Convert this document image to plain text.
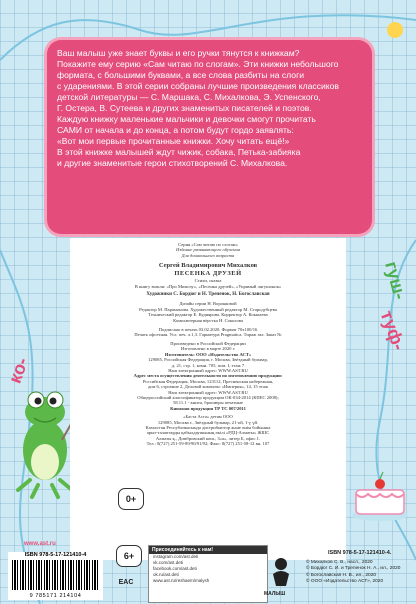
Ваш малыш уже знает буквы и его ручки тянутся к книжкам?
Покажите ему серию «Сам читаю по слогам». Эти книжки небольшого
формата, с большими буквами, а все слова разбиты на слоги
с ударениями. В этой серии собраны лучшие произведения классиков
детской литературы — С. Маршака, С. Михалкова, Э. Успенского,
Г. Остера, В. Сутеева и других знаменитых писателей и поэтов.
Каждую книжку маленькие мальчики и девочки смогут прочитать
САМИ от начала и до конца, а потом будут гордо заявлять:
«Вот мои первые прочитанные книжки. Хочу читать ещё!»
В этой книжке малышей ждут чижик, собака, Петька-забияка
и другие знаменитые герои стихотворений С. Михалкова.

ко-
гуш-
туф-
Серия «Сам читаю по слогам»
Издание развивающего обучения
Для дошкольного возраста
Сергей Владимирович Михалков
ПЕСЕНКА ДРУЗЕЙ
Стихи, сказка
В книгу вошли: «Про Мимозу», «Песенка друзей», «Упрямый лягушонок»
Художники С. Бордюг и Н. Трепенок, Н. Богославская
Дизайн серии Н. Воронковой
Редактор М. Парамонова. Художественный редактор М. Стародубцева
Технический редактор Е. Кудиярова. Корректор А. Кокшаева
Компьютерная вёрстка Н. Соколова
Подписано в печать 03.02.2020. Формат 70x100/16
Печать офсетная. Усл. печ. л.1,3. Гарнитура Pragmatica. Тираж экз. Заказ №
Произведено в Российской Федерации
Изготовлено в марте 2020 г.
Изготовитель: ООО «Издательство АСТ»
129085, Российская Федерация, г. Москва, Звёздный бульвар,
д. 21, стр. 1, комн. 705, пом. I, этаж 7
Наш электронный адрес: WWW.AST.RU
Адрес места осуществления деятельности по изготовлению продукции:
Российская Федерация, Москва, 123112, Пресненская набережная,
дом 6, строение 2, Деловой комплекс «Империя», 14, 15 этаж
Наш электронный адрес: WWW.AST.RU
Общероссийский классификатор продукции ОК-034-2014 (КПЕС 2008);
58.11.1 - книги, брошюры печатные
Книжная продукция ТР ТС 007/2011
«Баста Аста» детям ООО
129085, Москва г., Звёздный бульвар, 21-ой, 1-ү үй.
Казахстан Республикасында дистрибьютор және өнім бойынша
арыз-талаптарды қабылдаушының өкілі «РДЦ-Алматы» ЖШС
Алматы қ., Домбровский көш., 3«а», литер Б, офис 1.
Тел.: 8(727) 251-59-89/90/91/92; Факс: 8(727) 251-58-12 вн. 107
0+
6+
www.ast.ru
ISBN 978-5-17-121410-4
9 785171 214104
EAC
Присоединяйтесь к нам!
instagram.com/ast.deti
vk.com/ast.deti
facebook.com/ast.deti
ok.ru/ast.deti
www.ast.ru/reshaem/malysh
МАЛЫШ
© Михалков С. В., насл., 2020
© Бордюг С. И. и Трепенок Н. А., ил., 2020
© Богославская Н. В., ил., 2020
© ООО «Издательство АСТ», 2020
ISBN 978-5-17-121410-4.
